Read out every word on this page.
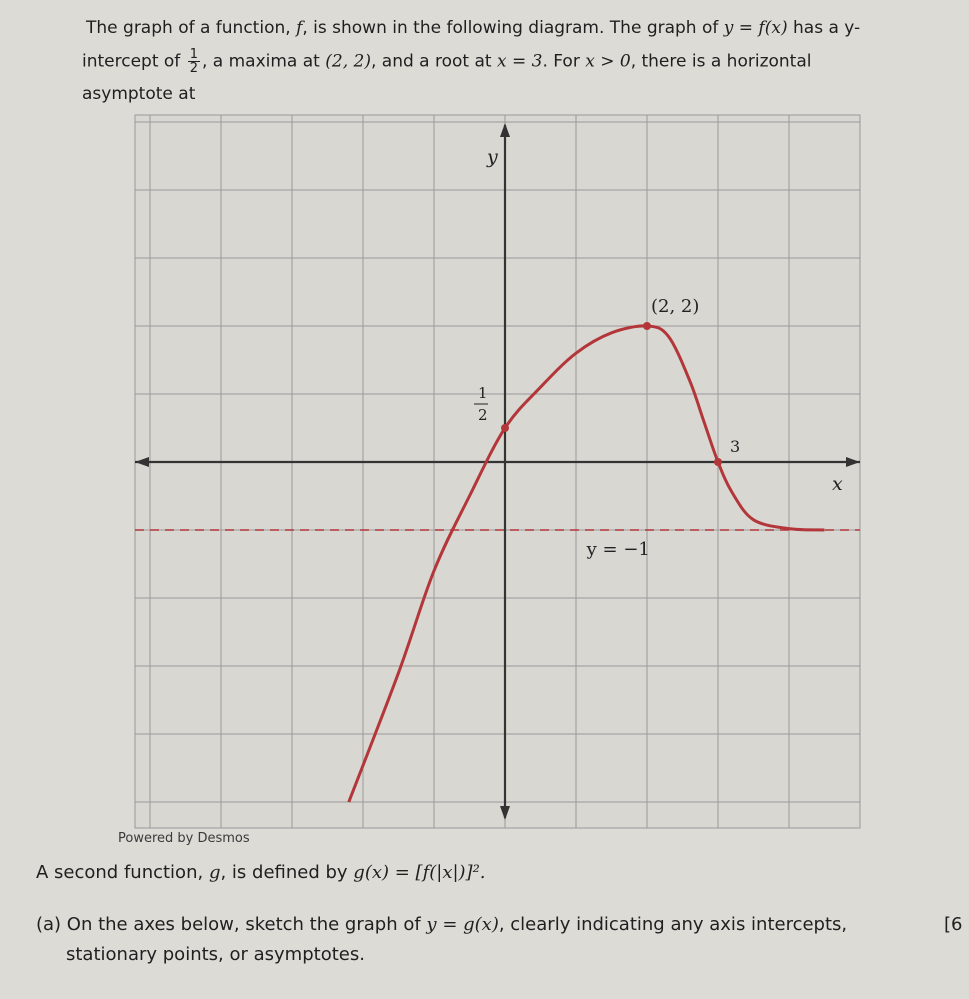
The graph of a function, f, is shown in the following diagram. The graph of y = f(x) has a y-
intercept of $\frac{1}{2}$ , a maxima at (2, 2), and a root at x = 3. For x > 0, there is a horizontal
asymptote at
y
x
(2, 2)
1
2
3
y = −1
Powered by Desmos
A second function, g, is defined by g(x) = [f(|x|)]².
(a) On the axes below, sketch the graph of y = g(x), clearly indicating any axis intercepts,	[6
stationary points, or asymptotes.
